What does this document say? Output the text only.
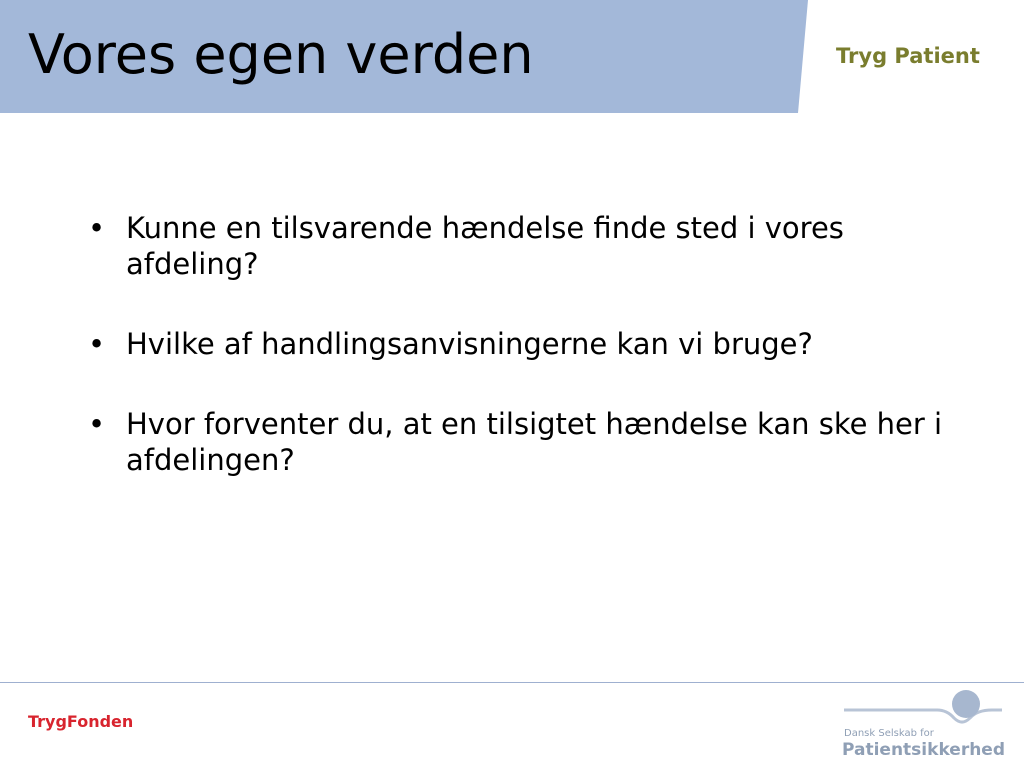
Vores egen verden	Tryg Patient
• Kunne en tilsvarende hændelse finde sted i vores afdeling?
• Hvilke af handlingsanvisningerne kan vi bruge?
• Hvor forventer du, at en tilsigtet hændelse kan ske her i afdelingen?
TrygFonden
Dansk Selskab for
Patientsikkerhed
